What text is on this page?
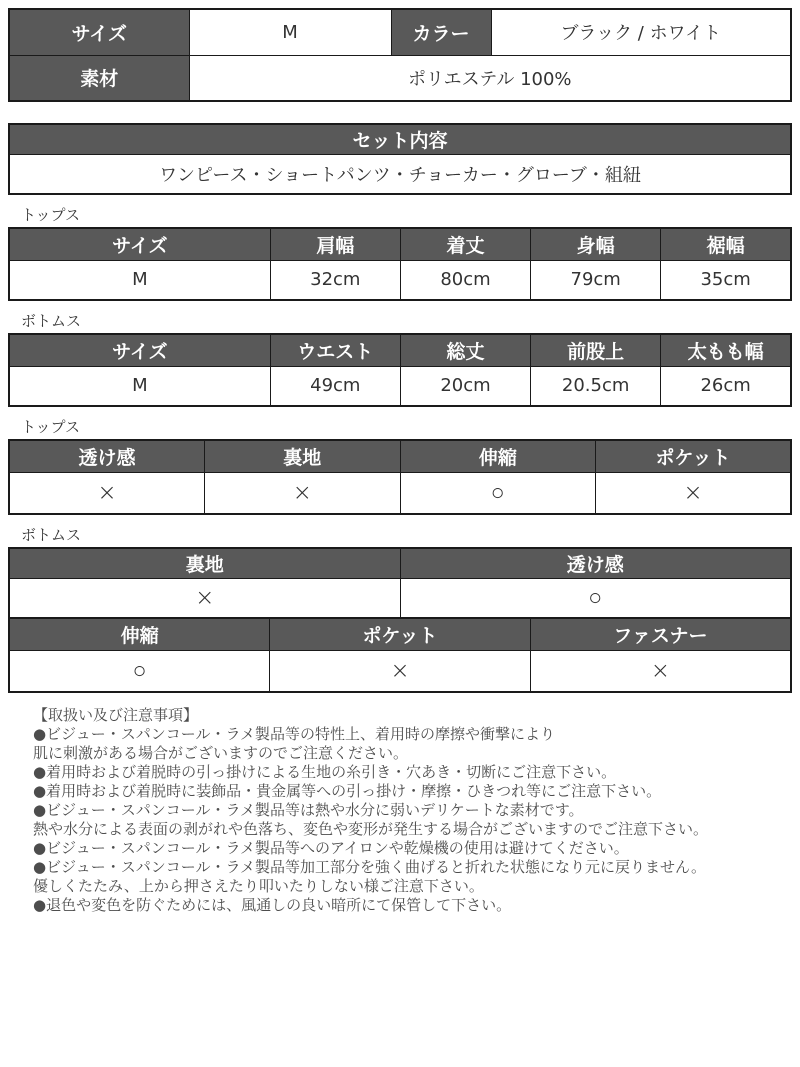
サイズ	M	カラー	ブラック / ホワイト
素材	ポリエステル 100%		
セット内容
ワンピース・ショートパンツ・チョーカー・グローブ・組紐
トップス
サイズ	肩幅	着丈	身幅	裾幅
M	32cm	80cm	79cm	35cm
ボトムス
サイズ	ウエスト	総丈	前股上	太もも幅
M	49cm	20cm	20.5cm	26cm
トップス
透け感	裏地	伸縮	ポケット
×	×	○	×
ボトムス
裏地	透け感
×	○
伸縮	ポケット	ファスナー
○	×	×
【取扱い及び注意事項】
●ビジュー・スパンコール・ラメ製品等の特性上、着用時の摩擦や衝撃により
肌に刺激がある場合がございますのでご注意ください。
●着用時および着脱時の引っ掛けによる生地の糸引き・穴あき・切断にご注意下さい。
●着用時および着脱時に装飾品・貴金属等への引っ掛け・摩擦・ひきつれ等にご注意下さい。
●ビジュー・スパンコール・ラメ製品等は熱や水分に弱いデリケートな素材です。
熱や水分による表面の剥がれや色落ち、変色や変形が発生する場合がございますのでご注意下さい。
●ビジュー・スパンコール・ラメ製品等へのアイロンや乾燥機の使用は避けてください。
●ビジュー・スパンコール・ラメ製品等加工部分を強く曲げると折れた状態になり元に戻りません。
優しくたたみ、上から押さえたり叩いたりしない様ご注意下さい。
●退色や変色を防ぐためには、風通しの良い暗所にて保管して下さい。
